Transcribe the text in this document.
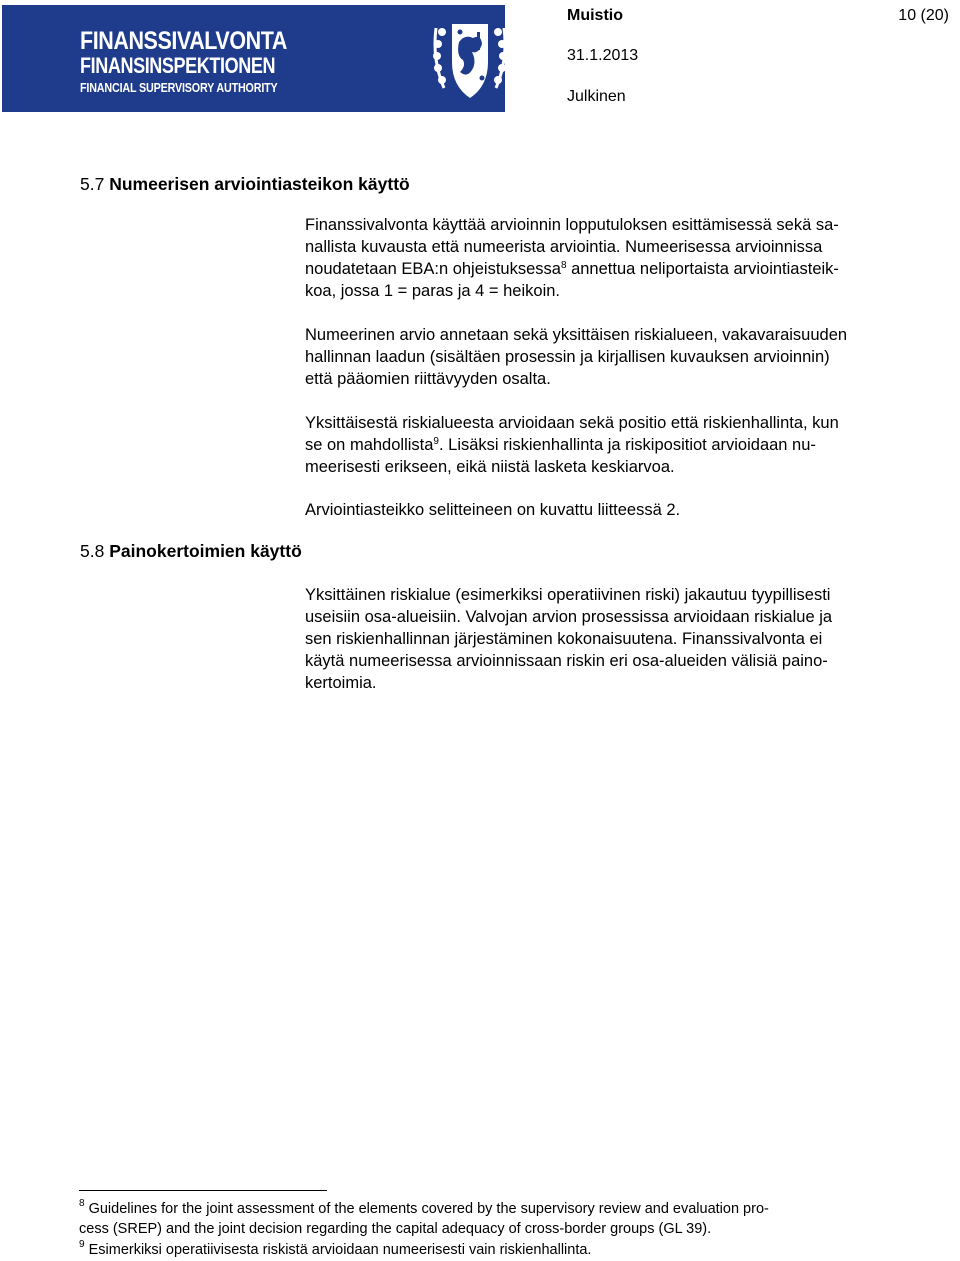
FINANSSIVALVONTA
FINANSINSPEKTIONEN
FINANCIAL SUPERVISORY AUTHORITY
Muistio	10 (20)
31.1.2013
Julkinen
5.7 Numeerisen arviointiasteikon käyttö
Finanssivalvonta käyttää arvioinnin lopputuloksen esittämisessä sekä sa-
nallista kuvausta että numeerista arviointia. Numeerisessa arvioinnissa
noudatetaan EBA:n ohjeistuksessa$^8$ annettua neliportaista arviointiasteik-
koa, jossa 1 = paras ja 4 = heikoin.
Numeerinen arvio annetaan sekä yksittäisen riskialueen, vakavaraisuuden
hallinnan laadun (sisältäen prosessin ja kirjallisen kuvauksen arvioinnin)
että pääomien riittävyyden osalta.
Yksittäisestä riskialueesta arvioidaan sekä positio että riskienhallinta, kun
se on mahdollista$^9$. Lisäksi riskienhallinta ja riskipositiot arvioidaan nu-
meerisesti erikseen, eikä niistä lasketa keskiarvoa.
Arviointiasteikko selitteineen on kuvattu liitteessä 2.
5.8 Painokertoimien käyttö
Yksittäinen riskialue (esimerkiksi operatiivinen riski) jakautuu tyypillisesti
useisiin osa-alueisiin. Valvojan arvion prosessissa arvioidaan riskialue ja
sen riskienhallinnan järjestäminen kokonaisuutena. Finanssivalvonta ei
käytä numeerisessa arvioinnissaan riskin eri osa-alueiden välisiä paino-
kertoimia.
$^8$ Guidelines for the joint assessment of the elements covered by the supervisory review and evaluation pro-
cess (SREP) and the joint decision regarding the capital adequacy of cross-border groups (GL 39).
$^9$ Esimerkiksi operatiivisesta riskistä arvioidaan numeerisesti vain riskienhallinta.
